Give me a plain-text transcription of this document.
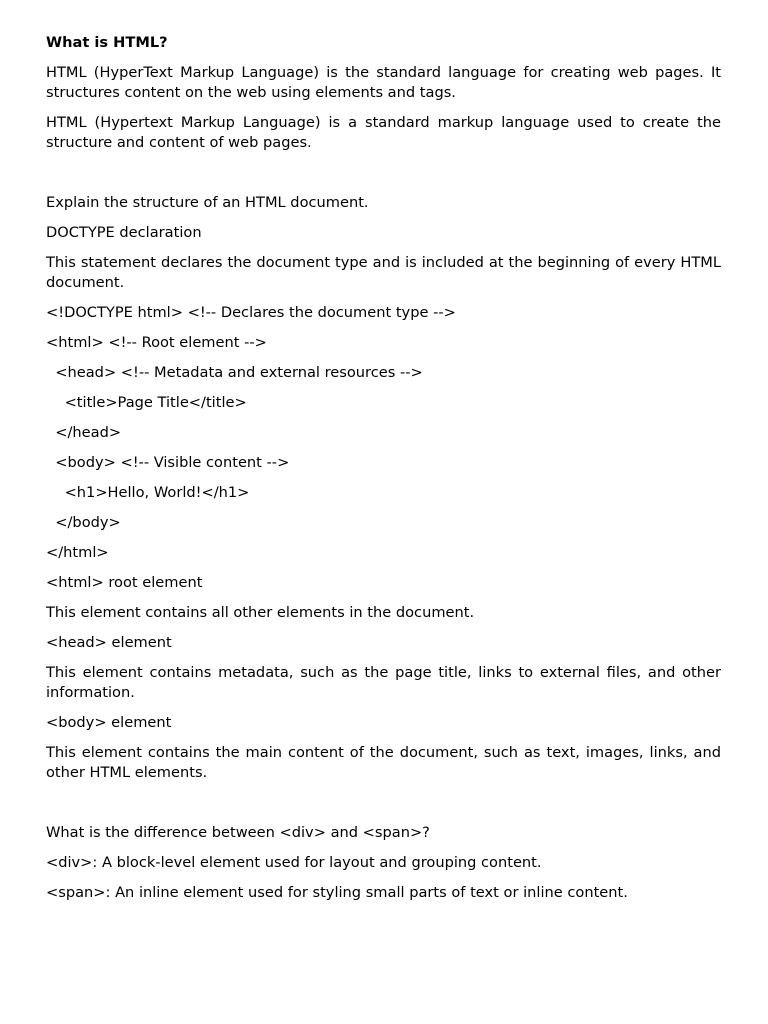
What is HTML?

HTML (HyperText Markup Language) is the standard language for creating web pages. It structures content on the web using elements and tags.

HTML (Hypertext Markup Language) is a standard markup language used to create the structure and content of web pages.

Explain the structure of an HTML document.

DOCTYPE declaration

This statement declares the document type and is included at the beginning of every HTML document.

<!DOCTYPE html> <!-- Declares the document type -->

<html> <!-- Root element -->

<head> <!-- Metadata and external resources -->

<title>Page Title</title>

</head>

<body> <!-- Visible content -->

<h1>Hello, World!</h1>

</body>

</html>

<html> root element

This element contains all other elements in the document.

<head> element

This element contains metadata, such as the page title, links to external files, and other information.

<body> element

This element contains the main content of the document, such as text, images, links, and other HTML elements.

What is the difference between <div> and <span>?

<div>: A block-level element used for layout and grouping content.

<span>: An inline element used for styling small parts of text or inline content.
